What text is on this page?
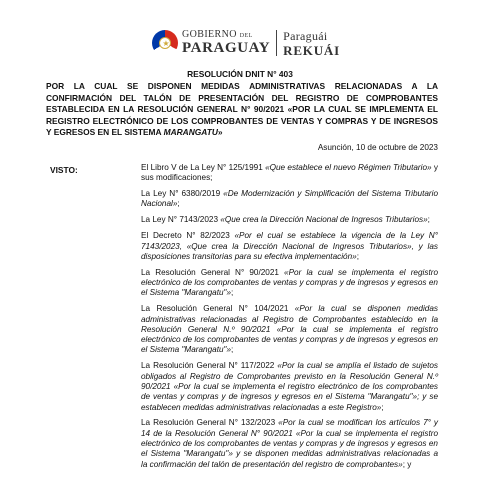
★
GOBIERNO DEL
PARAGUAY
Paraguái
REKUÁI
RESOLUCIÓN DNIT N° 403
POR LA CUAL SE DISPONEN MEDIDAS ADMINISTRATIVAS RELACIONADAS A LA CONFIRMACIÓN DEL TALÓN DE PRESENTACIÓN DEL REGISTRO DE COMPROBANTES ESTABLECIDA EN LA RESOLUCIÓN GENERAL N° 90/2021 «POR LA CUAL SE IMPLEMENTA EL REGISTRO ELECTRÓNICO DE LOS COMPROBANTES DE VENTAS Y COMPRAS Y DE INGRESOS Y EGRESOS EN EL SISTEMA MARANGATU»
Asunción, 10 de octubre de 2023
VISTO:	El Libro V de La Ley N° 125/1991 «Que establece el nuevo Régimen Tributario» y sus modificaciones;
La Ley N° 6380/2019 «De Modernización y Simplificación del Sistema Tributario Nacional»;
La Ley N° 7143/2023 «Que crea la Dirección Nacional de Ingresos Tributarios»;
El Decreto N° 82/2023 «Por el cual se establece la vigencia de la Ley N° 7143/2023, «Que crea la Dirección Nacional de Ingresos Tributarios», y las disposiciones transitorias para su efectiva implementación»;
La Resolución General N° 90/2021 «Por la cual se implementa el registro electrónico de los comprobantes de ventas y compras y de ingresos y egresos en el Sistema "Marangatu"»;
La Resolución General N° 104/2021 «Por la cual se disponen medidas administrativas relacionadas al Registro de Comprobantes establecido en la Resolución General N.º 90/2021 «Por la cual se implementa el registro electrónico de los comprobantes de ventas y compras y de ingresos y egresos en el Sistema "Marangatu"»;
La Resolución General N° 117/2022 «Por la cual se amplía el listado de sujetos obligados al Registro de Comprobantes previsto en la Resolución General N.º 90/2021 «Por la cual se implementa el registro electrónico de los comprobantes de ventas y compras y de ingresos y egresos en el Sistema "Marangatu"»; y se establecen medidas administrativas relacionadas a este Registro»;
La Resolución General N° 132/2023 «Por la cual se modifican los artículos 7° y 14 de la Resolución General N° 90/2021 «Por la cual se implementa el registro electrónico de los comprobantes de ventas y compras y de ingresos y egresos en el Sistema "Marangatu"» y se disponen medidas administrativas relacionadas a la confirmación del talón de presentación del registro de comprobantes»; y
